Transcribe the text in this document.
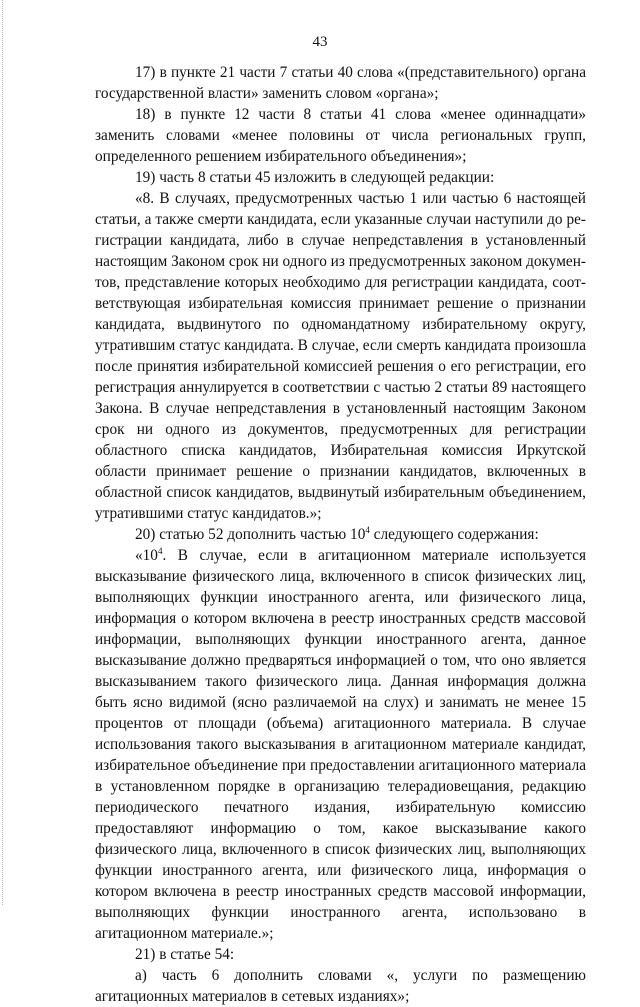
43

17) в пункте 21 части 7 статьи 40 слова «(представительного) органа государственной власти» заменить словом «органа»;

18) в пункте 12 части 8 статьи 41 слова «менее одиннадцати» заменить словами «менее половины от числа региональных групп, определенного решением избирательного объединения»;

19) часть 8 статьи 45 изложить в следующей редакции:

«8. В случаях, предусмотренных частью 1 или частью 6 настоящей статьи, а также смерти кандидата, если указанные случаи наступили до регистрации кандидата, либо в случае непредставления в установленный настоящим Законом срок ни одного из предусмотренных законом документов, представление которых необходимо для регистрации кандидата, соответствующая избирательная комиссия принимает решение о признании кандидата, выдвинутого по одномандатному избирательному округу, утратившим статус кандидата. В случае, если смерть кандидата произошла после принятия избирательной комиссией решения о его регистрации, его регистрация аннулируется в соответствии с частью 2 статьи 89 настоящего Закона. В случае непредставления в установленный настоящим Законом срок ни одного из документов, предусмотренных для регистрации областного списка кандидатов, Избирательная комиссия Иркутской области принимает решение о признании кандидатов, включенных в областной список кандидатов, выдвинутый избирательным объединением, утратившими статус кандидатов.»;

20) статью 52 дополнить частью $10^4$ следующего содержания:

«$10^4$. В случае, если в агитационном материале используется высказывание физического лица, включенного в список физических лиц, выполняющих функции иностранного агента, или физического лица, информация о котором включена в реестр иностранных средств массовой информации, выполняющих функции иностранного агента, данное высказывание должно предваряться информацией о том, что оно является высказыванием такого физического лица. Данная информация должна быть ясно видимой (ясно различаемой на слух) и занимать не менее 15 процентов от площади (объема) агитационного материала. В случае использования такого высказывания в агитационном материале кандидат, избирательное объединение при предоставлении агитационного материала в установленном порядке в организацию телерадиовещания, редакцию периодического печатного издания, избирательную комиссию предоставляют информацию о том, какое высказывание какого физического лица, включенного в список физических лиц, выполняющих функции иностранного агента, или физического лица, информация о котором включена в реестр иностранных средств массовой информации, выполняющих функции иностранного агента, использовано в агитационном материале.»;

21) в статье 54:

а) часть 6 дополнить словами «, услуги по размещению агитационных материалов в сетевых изданиях»;
